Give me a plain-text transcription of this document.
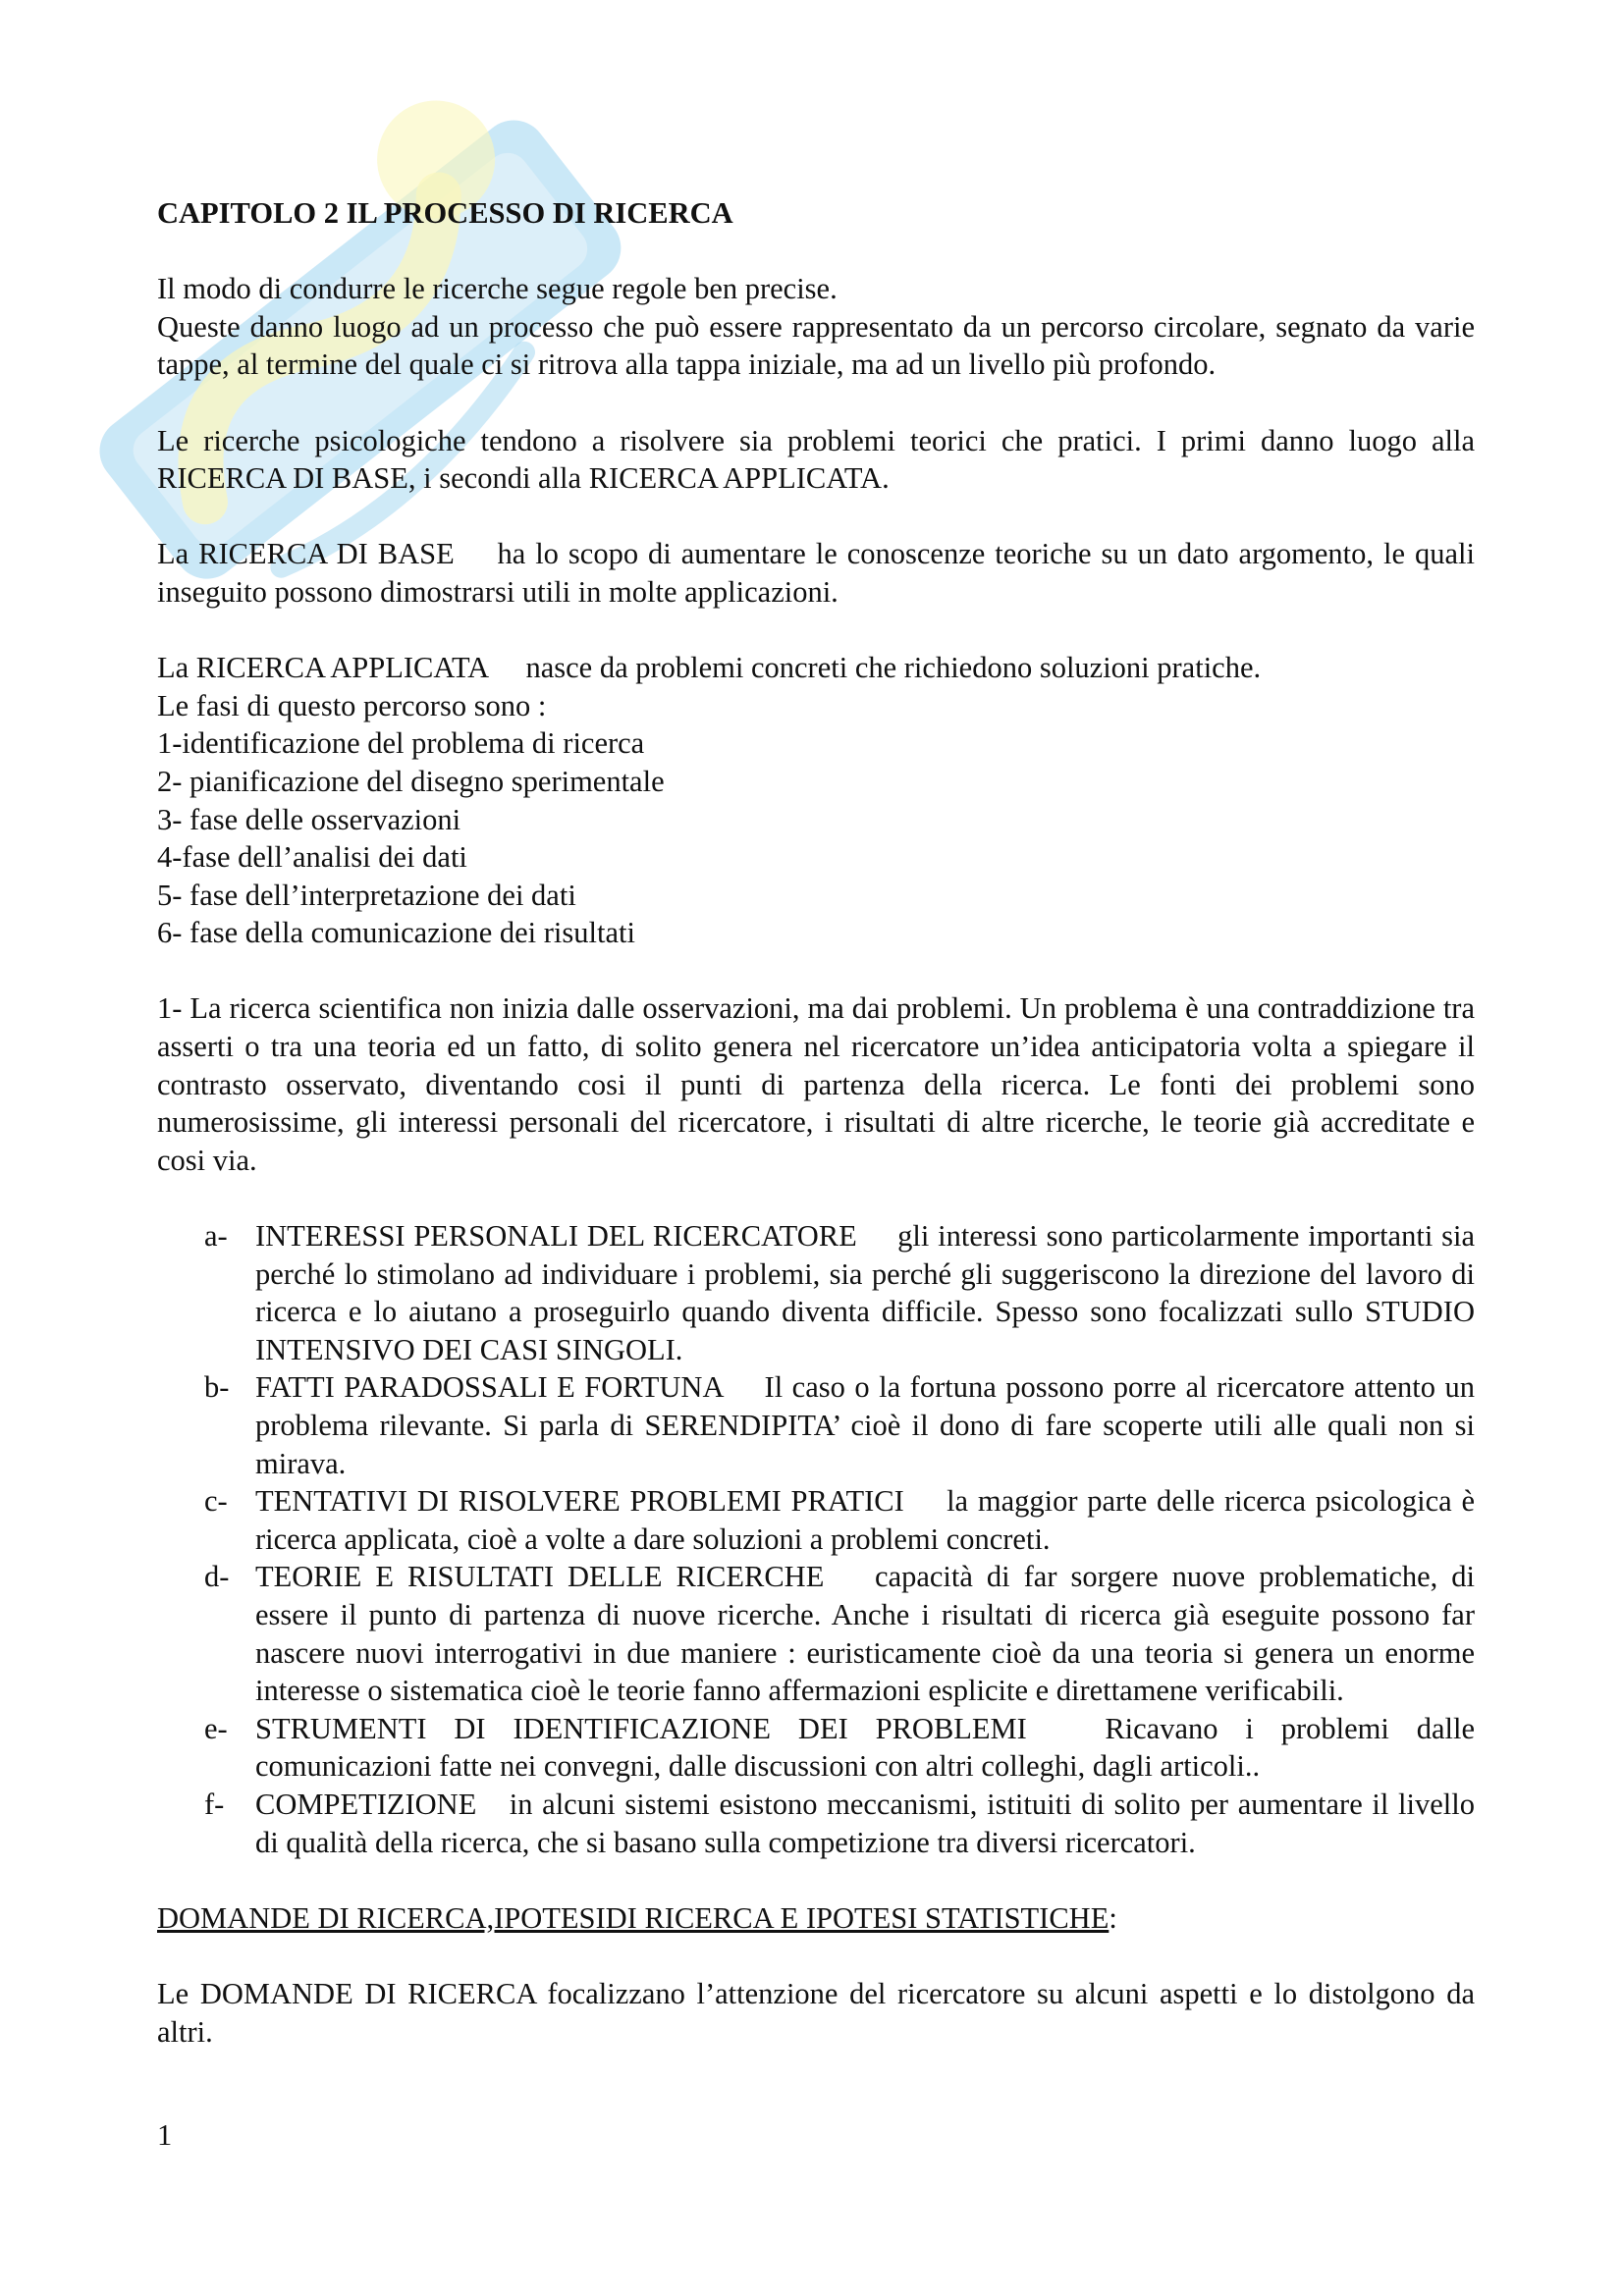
CAPITOLO 2 IL PROCESSO DI RICERCA

Il modo di condurre le ricerche segue regole ben precise.

Queste danno luogo ad un processo che può essere rappresentato da un percorso circolare, segnato da varie tappe, al termine del quale ci si ritrova alla tappa iniziale, ma ad un livello più profondo.

Le ricerche psicologiche tendono a risolvere sia problemi teorici che pratici. I primi danno luogo alla RICERCA DI BASE, i secondi alla RICERCA APPLICATA.

La RICERCA DI BASE ha lo scopo di aumentare le conoscenze teoriche su un dato argomento, le quali inseguito possono dimostrarsi utili in molte applicazioni.

La RICERCA APPLICATA nasce da problemi concreti che richiedono soluzioni pratiche.

Le fasi di questo percorso sono :

1-identificazione del problema di ricerca
2- pianificazione del disegno sperimentale
3- fase delle osservazioni
4-fase dell’analisi dei dati
5- fase dell’interpretazione dei dati
6- fase della comunicazione dei risultati

1- La ricerca scientifica non inizia dalle osservazioni, ma dai problemi. Un problema è una contraddizione tra asserti o tra una teoria ed un fatto, di solito genera nel ricercatore un’idea anticipatoria volta a spiegare il contrasto osservato, diventando cosi il punti di partenza della ricerca. Le fonti dei problemi sono numerosissime, gli interessi personali del ricercatore, i risultati di altre ricerche, le teorie già accreditate e cosi via.

a- INTERESSI PERSONALI DEL RICERCATORE gli interessi sono particolarmente importanti sia perché lo stimolano ad individuare i problemi, sia perché gli suggeriscono la direzione del lavoro di ricerca e lo aiutano a proseguirlo quando diventa difficile. Spesso sono focalizzati sullo STUDIO INTENSIVO DEI CASI SINGOLI.
b- FATTI PARADOSSALI E FORTUNA Il caso o la fortuna possono porre al ricercatore attento un problema rilevante. Si parla di SERENDIPITA’ cioè il dono di fare scoperte utili alle quali non si mirava.
c- TENTATIVI DI RISOLVERE PROBLEMI PRATICI la maggior parte delle ricerca psicologica è ricerca applicata, cioè a volte a dare soluzioni a problemi concreti.
d- TEORIE E RISULTATI DELLE RICERCHE capacità di far sorgere nuove problematiche, di essere il punto di partenza di nuove ricerche. Anche i risultati di ricerca già eseguite possono far nascere nuovi interrogativi in due maniere : euristicamente cioè da una teoria si genera un enorme interesse o sistematica cioè le teorie fanno affermazioni esplicite e direttamene verificabili.
e- STRUMENTI DI IDENTIFICAZIONE DEI PROBLEMI Ricavano i problemi dalle comunicazioni fatte nei convegni, dalle discussioni con altri colleghi, dagli articoli..
f-	COMPETIZIONE in alcuni sistemi esistono meccanismi, istituiti di solito per aumentare il livello di qualità della ricerca, che si basano sulla competizione tra diversi ricercatori.

DOMANDE DI RICERCA,IPOTESIDI RICERCA E IPOTESI STATISTICHE:

Le DOMANDE DI RICERCA focalizzano l’attenzione del ricercatore su alcuni aspetti e lo distolgono da altri.

1
